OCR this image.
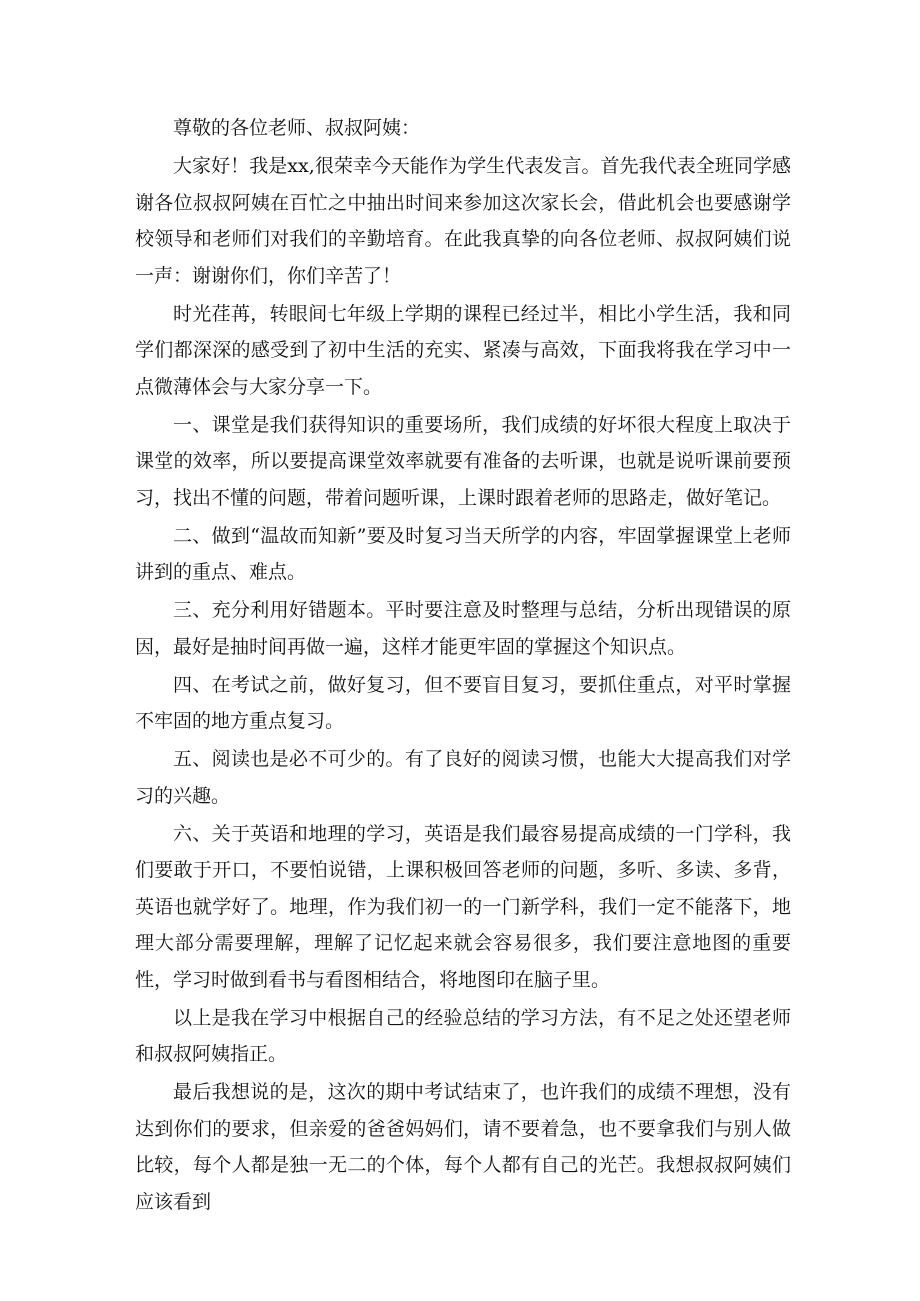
尊敬的各位老师、叔叔阿姨：

大家好！我是xx,很荣幸今天能作为学生代表发言。首先我代表全班同学感谢各位叔叔阿姨在百忙之中抽出时间来参加这次家长会，借此机会也要感谢学校领导和老师们对我们的辛勤培育。在此我真挚的向各位老师、叔叔阿姨们说一声：谢谢你们，你们辛苦了！

时光荏苒，转眼间七年级上学期的课程已经过半，相比小学生活，我和同学们都深深的感受到了初中生活的充实、紧凑与高效，下面我将我在学习中一点微薄体会与大家分享一下。

一、课堂是我们获得知识的重要场所，我们成绩的好坏很大程度上取决于课堂的效率，所以要提高课堂效率就要有准备的去听课，也就是说听课前要预习，找出不懂的问题，带着问题听课，上课时跟着老师的思路走，做好笔记。

二、做到“温故而知新”要及时复习当天所学的内容，牢固掌握课堂上老师讲到的重点、难点。

三、充分利用好错题本。平时要注意及时整理与总结，分析出现错误的原因，最好是抽时间再做一遍，这样才能更牢固的掌握这个知识点。

四、在考试之前，做好复习，但不要盲目复习，要抓住重点，对平时掌握不牢固的地方重点复习。

五、阅读也是必不可少的。有了良好的阅读习惯，也能大大提高我们对学习的兴趣。

六、关于英语和地理的学习，英语是我们最容易提高成绩的一门学科，我们要敢于开口，不要怕说错，上课积极回答老师的问题，多听、多读、多背，英语也就学好了。地理，作为我们初一的一门新学科，我们一定不能落下，地理大部分需要理解，理解了记忆起来就会容易很多，我们要注意地图的重要性，学习时做到看书与看图相结合，将地图印在脑子里。

以上是我在学习中根据自己的经验总结的学习方法，有不足之处还望老师和叔叔阿姨指正。

最后我想说的是，这次的期中考试结束了，也许我们的成绩不理想，没有达到你们的要求，但亲爱的爸爸妈妈们，请不要着急，也不要拿我们与别人做比较，每个人都是独一无二的个体，每个人都有自己的光芒。我想叔叔阿姨们应该看到
